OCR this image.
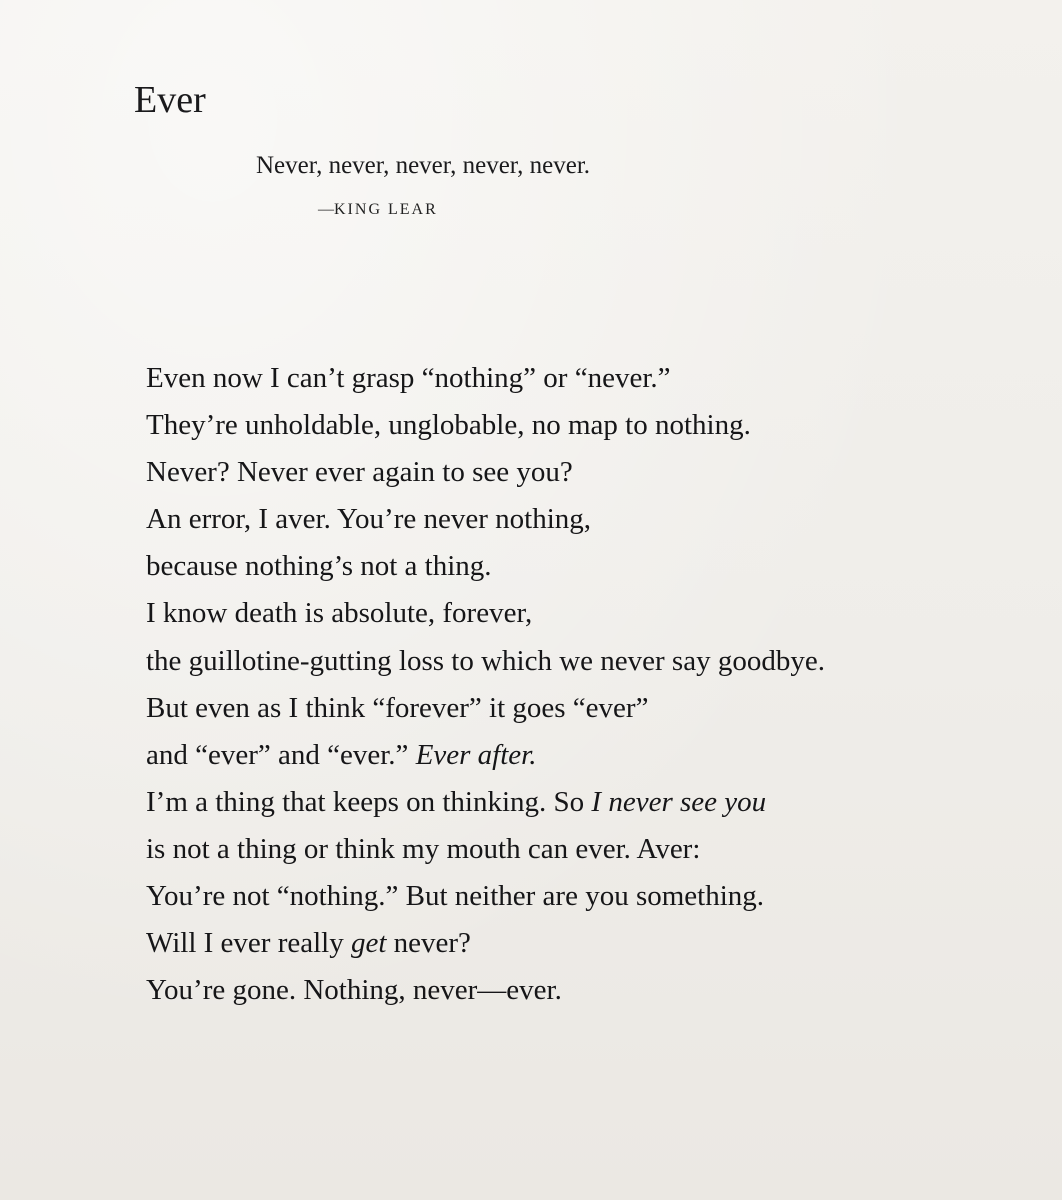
Ever
Never, never, never, never, never.
—KING LEAR
Even now I can’t grasp “nothing” or “never.”
They’re unholdable, unglobable, no map to nothing.
Never? Never ever again to see you?
An error, I aver. You’re never nothing,
because nothing’s not a thing.
I know death is absolute, forever,
the guillotine-gutting loss to which we never say goodbye.
But even as I think “forever” it goes “ever”
and “ever” and “ever.” Ever after.
I’m a thing that keeps on thinking. So I never see you
is not a thing or think my mouth can ever. Aver:
You’re not “nothing.” But neither are you something.
Will I ever really get never?
You’re gone. Nothing, never—ever.
